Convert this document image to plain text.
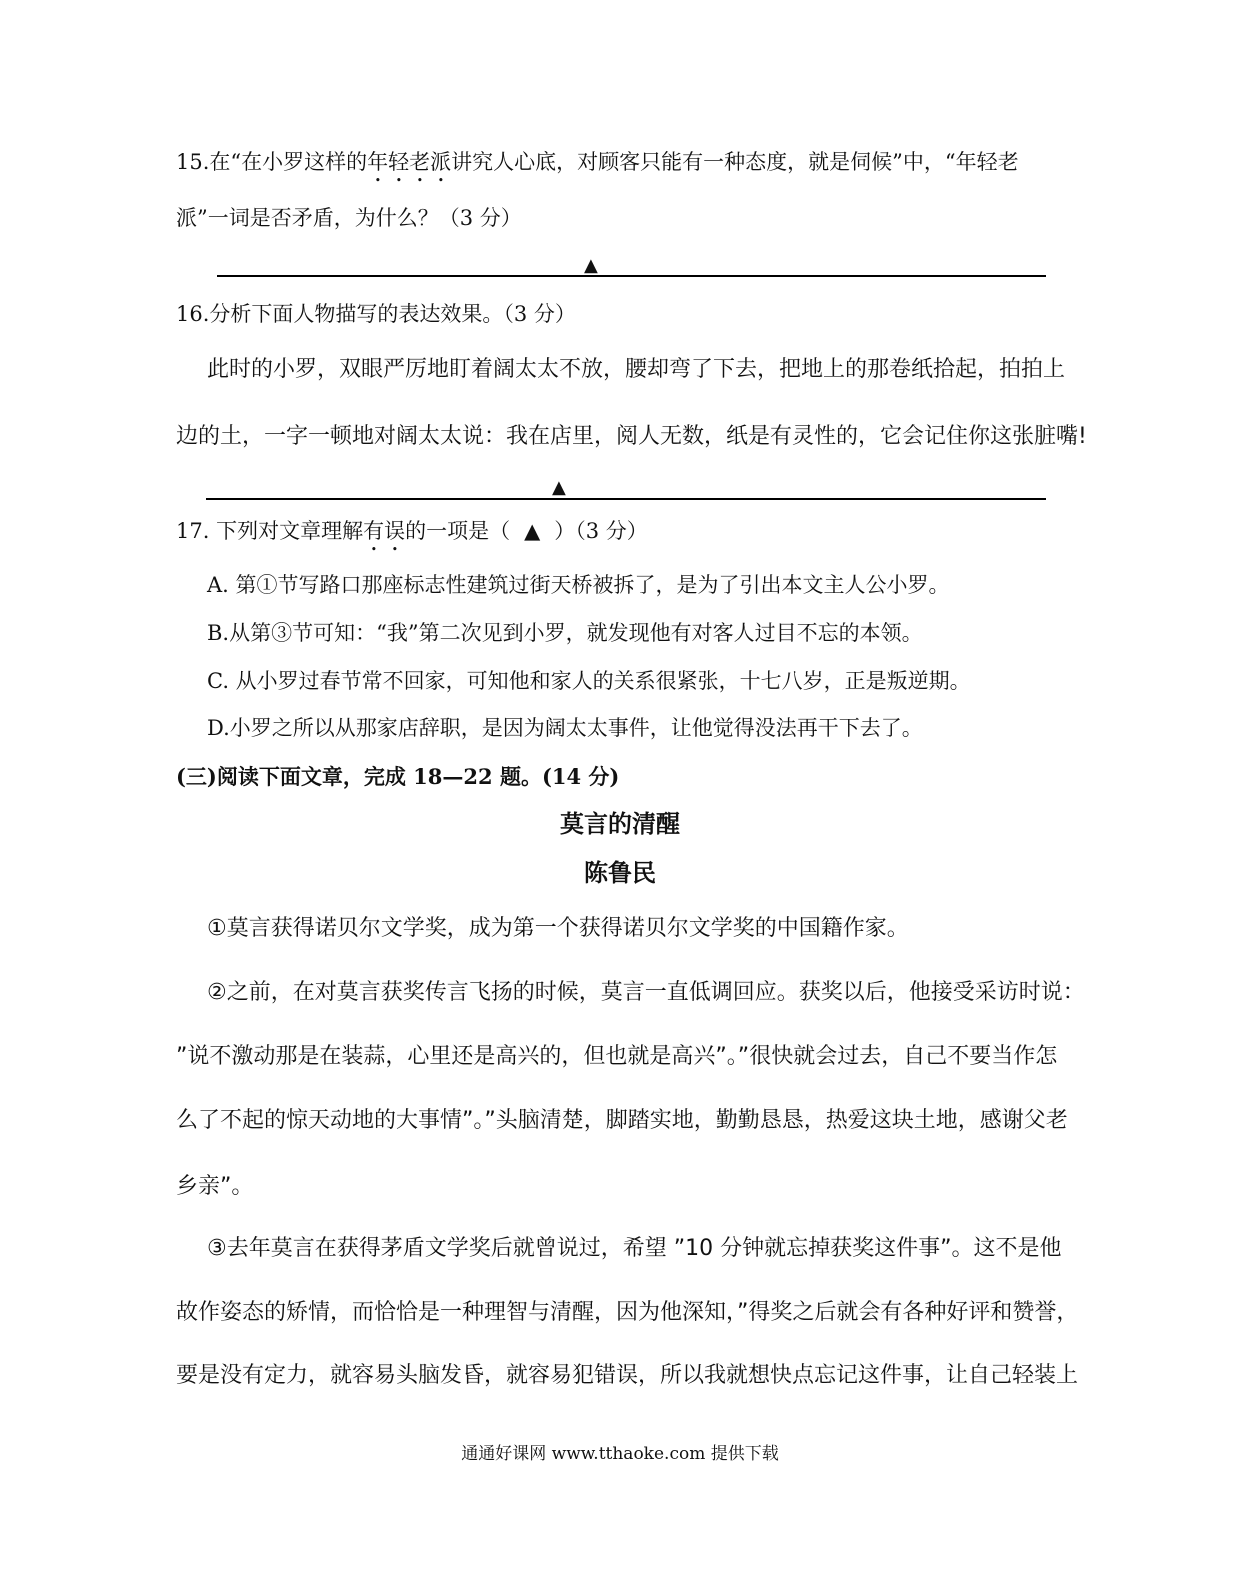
15.在“在小罗这样的年轻老派讲究人心底，对顾客只能有一种态度，就是伺候”中，“年轻老
派”一词是否矛盾，为什么？（3 分）
▲
16.分析下面人物描写的表达效果。（3 分）
此时的小罗，双眼严厉地盯着阔太太不放，腰却弯了下去，把地上的那卷纸拾起，拍拍上
边的土，一字一顿地对阔太太说：我在店里，阅人无数，纸是有灵性的，它会记住你这张脏嘴!
▲
17. 下列对文章理解有误的一项是（ ▲ ）（3 分）
A. 第①节写路口那座标志性建筑过街天桥被拆了，是为了引出本文主人公小罗。
B.从第③节可知：“我”第二次见到小罗，就发现他有对客人过目不忘的本领。
C. 从小罗过春节常不回家，可知他和家人的关系很紧张，十七八岁，正是叛逆期。
D.小罗之所以从那家店辞职，是因为阔太太事件，让他觉得没法再干下去了。
(三)阅读下面文章，完成 18—22 题。(14 分)
莫言的清醒
陈鲁民
①莫言获得诺贝尔文学奖，成为第一个获得诺贝尔文学奖的中国籍作家。
②之前，在对莫言获奖传言飞扬的时候，莫言一直低调回应。获奖以后，他接受采访时说：
”说不激动那是在装蒜，心里还是高兴的，但也就是高兴”。”很快就会过去，自己不要当作怎
么了不起的惊天动地的大事情”。”头脑清楚，脚踏实地，勤勤恳恳，热爱这块土地，感谢父老
乡亲”。
③去年莫言在获得茅盾文学奖后就曾说过，希望 ”10 分钟就忘掉获奖这件事”。这不是他
故作姿态的矫情，而恰恰是一种理智与清醒，因为他深知，”得奖之后就会有各种好评和赞誉，
要是没有定力，就容易头脑发昏，就容易犯错误，所以我就想快点忘记这件事，让自己轻装上
通通好课网 www.tthaoke.com 提供下载
